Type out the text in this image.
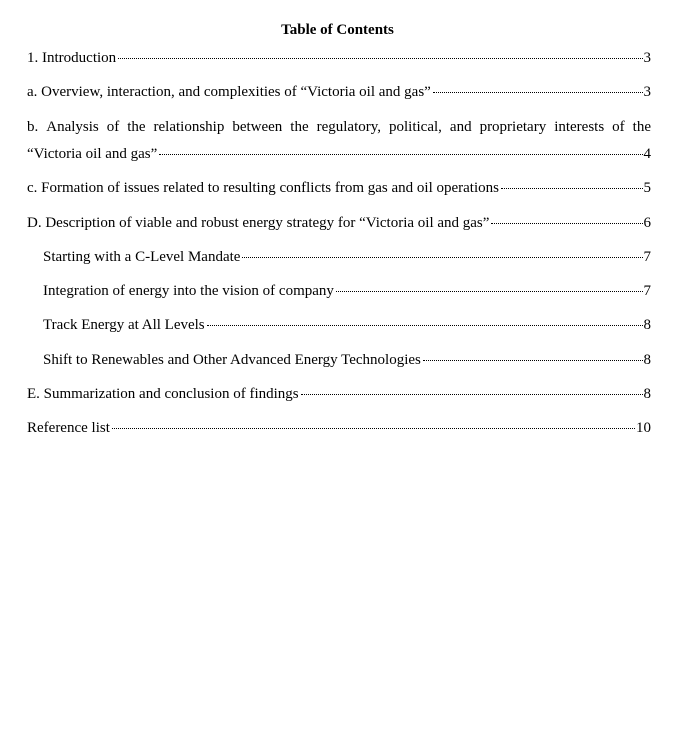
Table of Contents
1. Introduction	3
a. Overview, interaction, and complexities of “Victoria oil and gas”	3
b. Analysis of the relationship between the regulatory, political, and proprietary interests of the
“Victoria oil and gas”	4
c. Formation of issues related to resulting conflicts from gas and oil operations	5
D. Description of viable and robust energy strategy for “Victoria oil and gas”	6
Starting with a C-Level Mandate	7
Integration of energy into the vision of company	7
Track Energy at All Levels	8
Shift to Renewables and Other Advanced Energy Technologies	8
E. Summarization and conclusion of findings	8
Reference list	10
